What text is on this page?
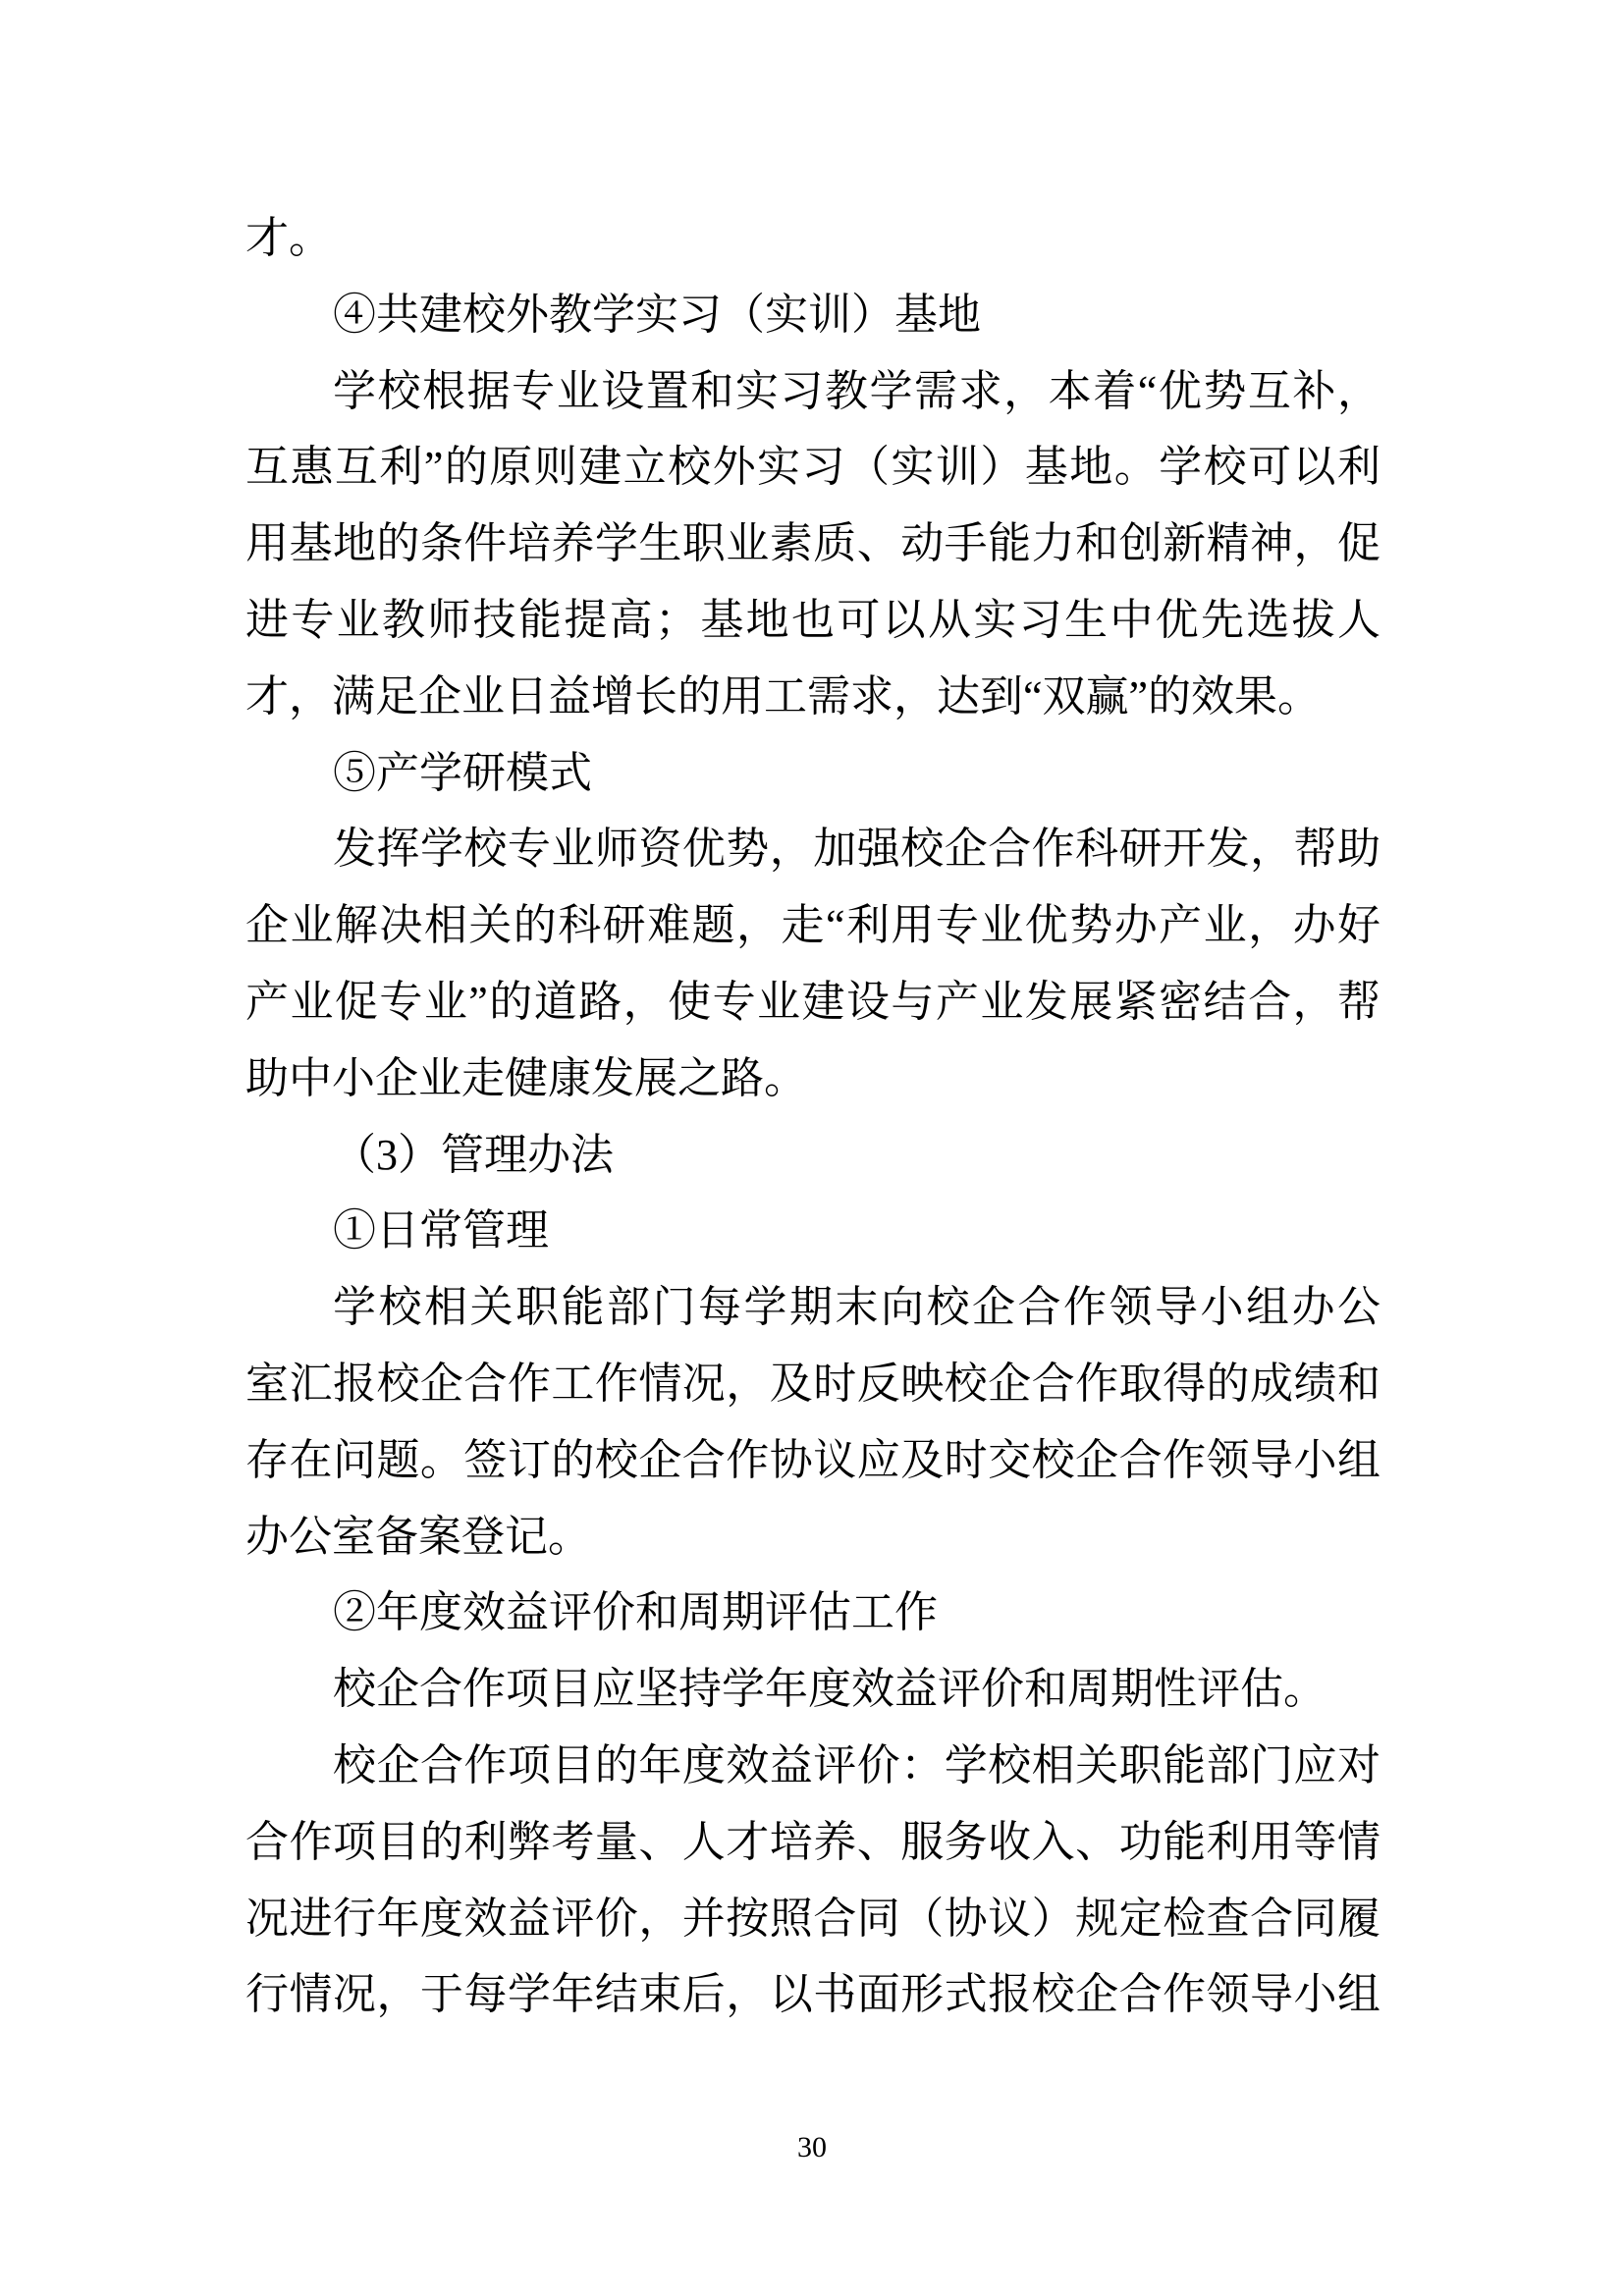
才。
④共建校外教学实习（实训）基地
学校根据专业设置和实习教学需求，本着“优势互补，
互惠互利”的原则建立校外实习（实训）基地。学校可以利
用基地的条件培养学生职业素质、动手能力和创新精神，促
进专业教师技能提高；基地也可以从实习生中优先选拔人
才，满足企业日益增长的用工需求，达到“双赢”的效果。
⑤产学研模式
发挥学校专业师资优势，加强校企合作科研开发，帮助
企业解决相关的科研难题，走“利用专业优势办产业，办好
产业促专业”的道路，使专业建设与产业发展紧密结合，帮
助中小企业走健康发展之路。
（3）管理办法
①日常管理
学校相关职能部门每学期末向校企合作领导小组办公
室汇报校企合作工作情况，及时反映校企合作取得的成绩和
存在问题。签订的校企合作协议应及时交校企合作领导小组
办公室备案登记。
②年度效益评价和周期评估工作
校企合作项目应坚持学年度效益评价和周期性评估。
校企合作项目的年度效益评价：学校相关职能部门应对
合作项目的利弊考量、人才培养、服务收入、功能利用等情
况进行年度效益评价，并按照合同（协议）规定检查合同履
行情况，于每学年结束后，以书面形式报校企合作领导小组
30
